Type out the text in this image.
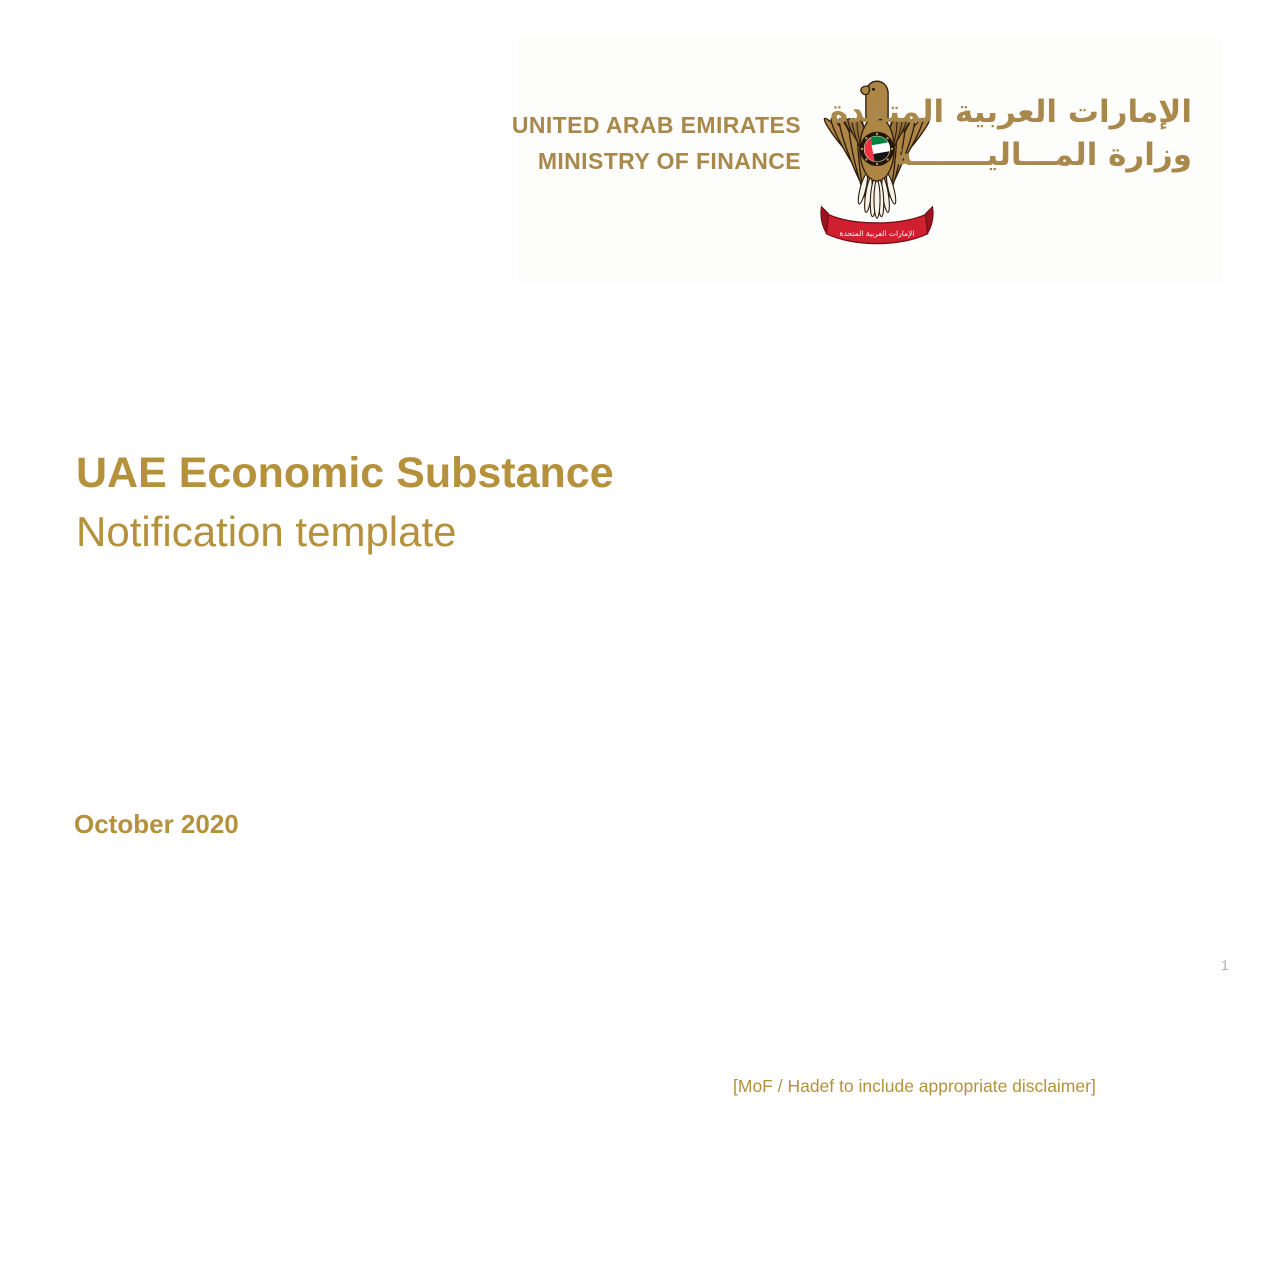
UNITED ARAB EMIRATES
MINISTRY OF FINANCE
الإمارات العربية المتحدة
الإمارات العربية المتحدة
وزارة المـــاليـــــــة
UAE Economic Substance
Notification template
October 2020
1
[MoF / Hadef to include appropriate disclaimer]
